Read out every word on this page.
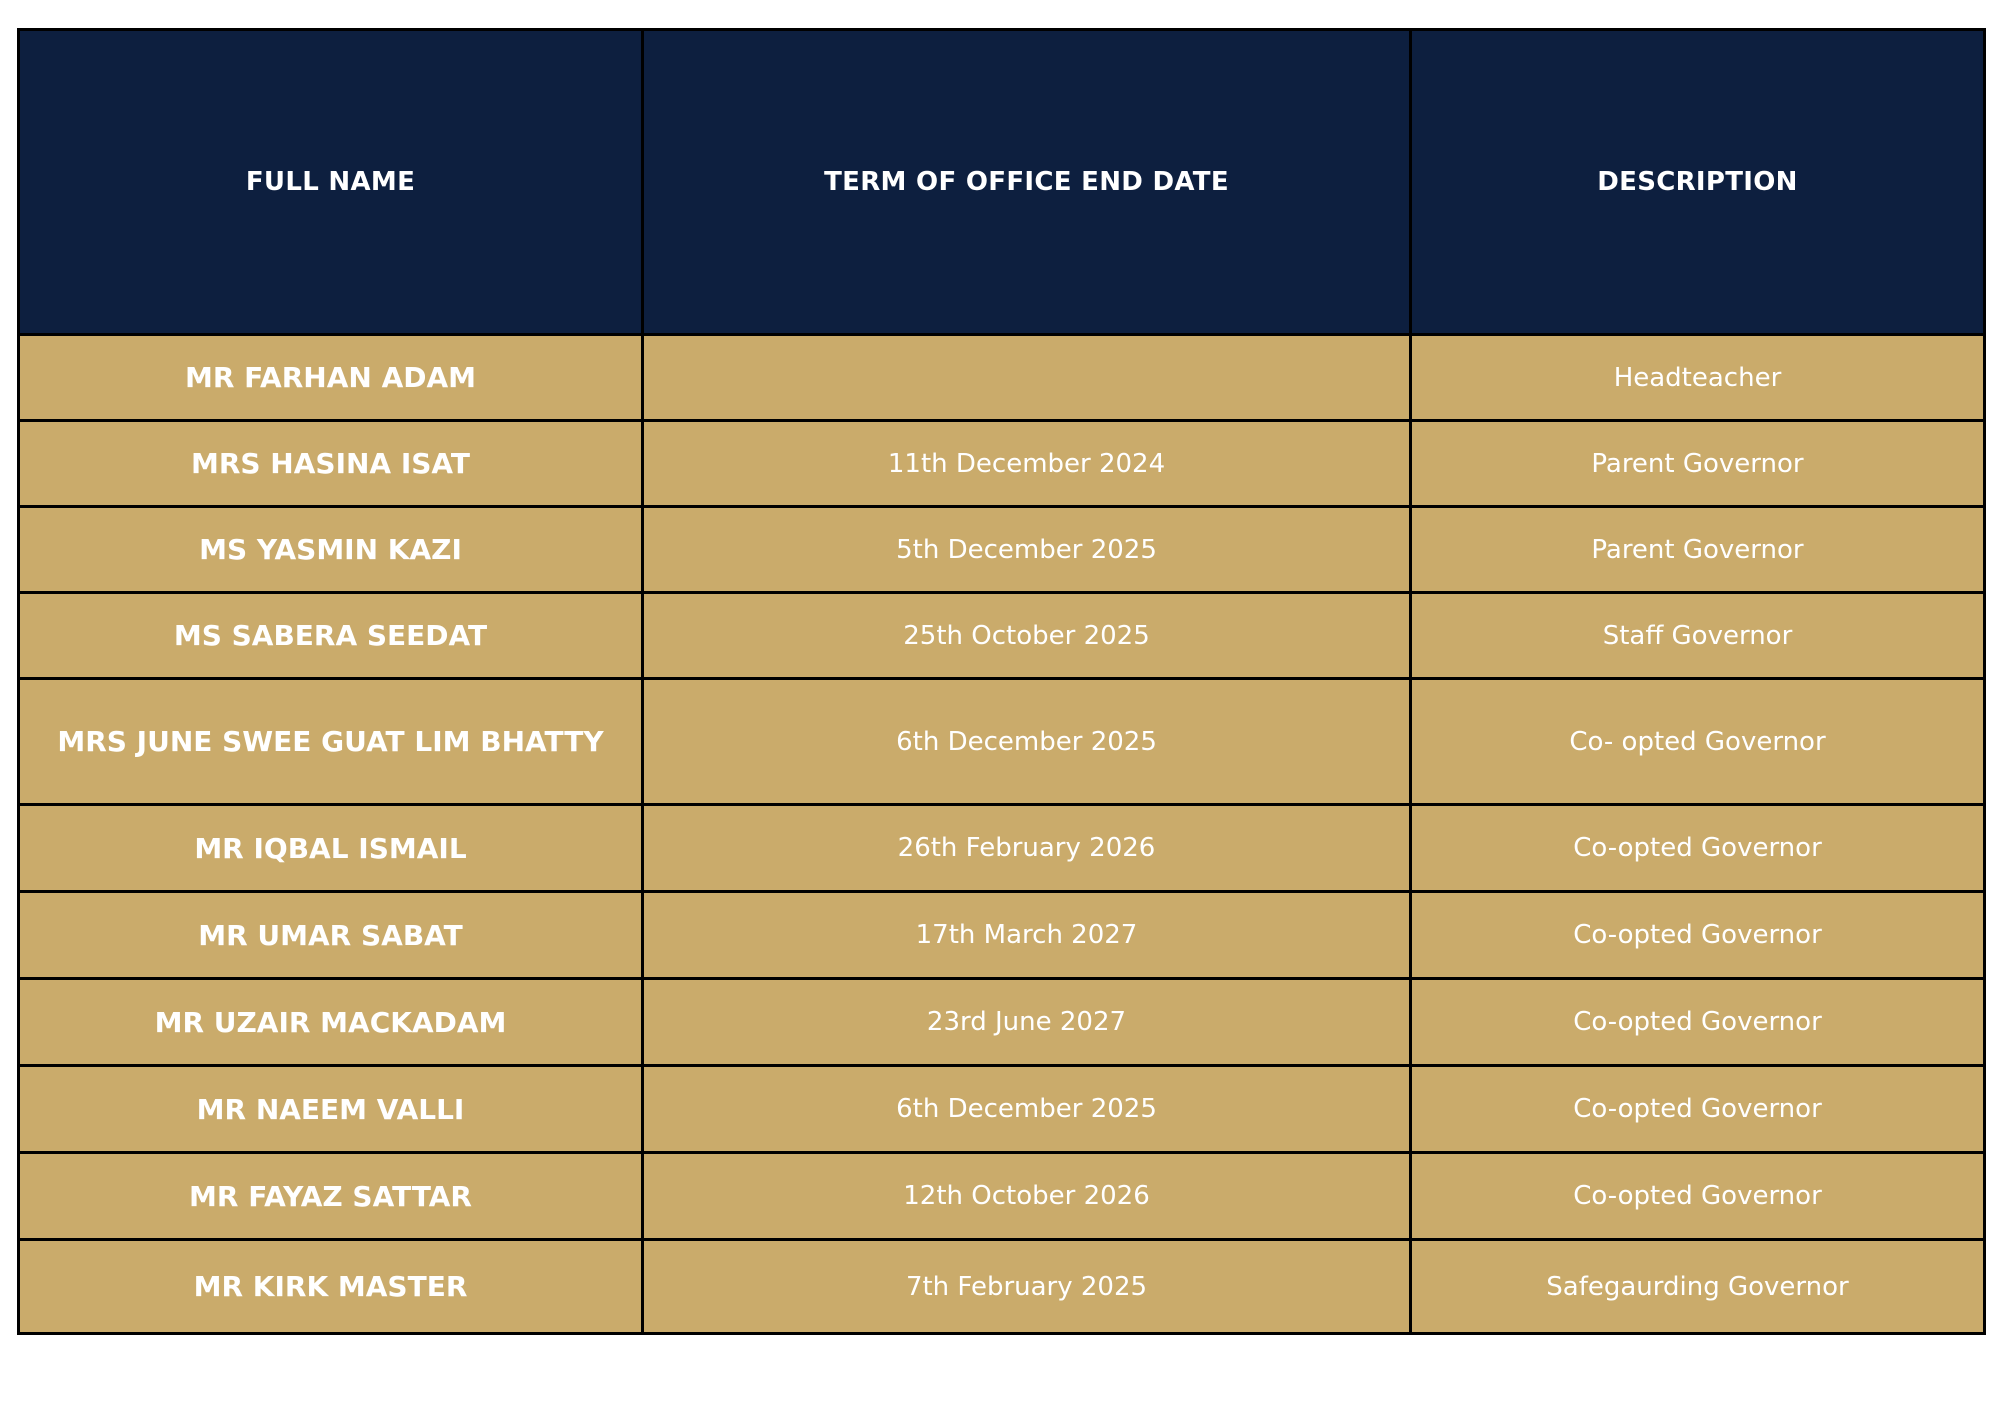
FULL NAME	TERM OF OFFICE END DATE	DESCRIPTION
MR FARHAN ADAM		Headteacher
MRS HASINA ISAT	11th December 2024	Parent Governor
MS YASMIN KAZI	5th December 2025	Parent Governor
MS SABERA SEEDAT	25th October 2025	Staff Governor
MRS JUNE SWEE GUAT LIM BHATTY	6th December 2025	Co- opted Governor
MR IQBAL ISMAIL	26th February 2026	Co-opted Governor
MR UMAR SABAT	17th March 2027	Co-opted Governor
MR UZAIR MACKADAM	23rd June 2027	Co-opted Governor
MR NAEEM VALLI	6th December 2025	Co-opted Governor
MR FAYAZ SATTAR	12th October 2026	Co-opted Governor
MR KIRK MASTER	7th February 2025	Safegaurding Governor
